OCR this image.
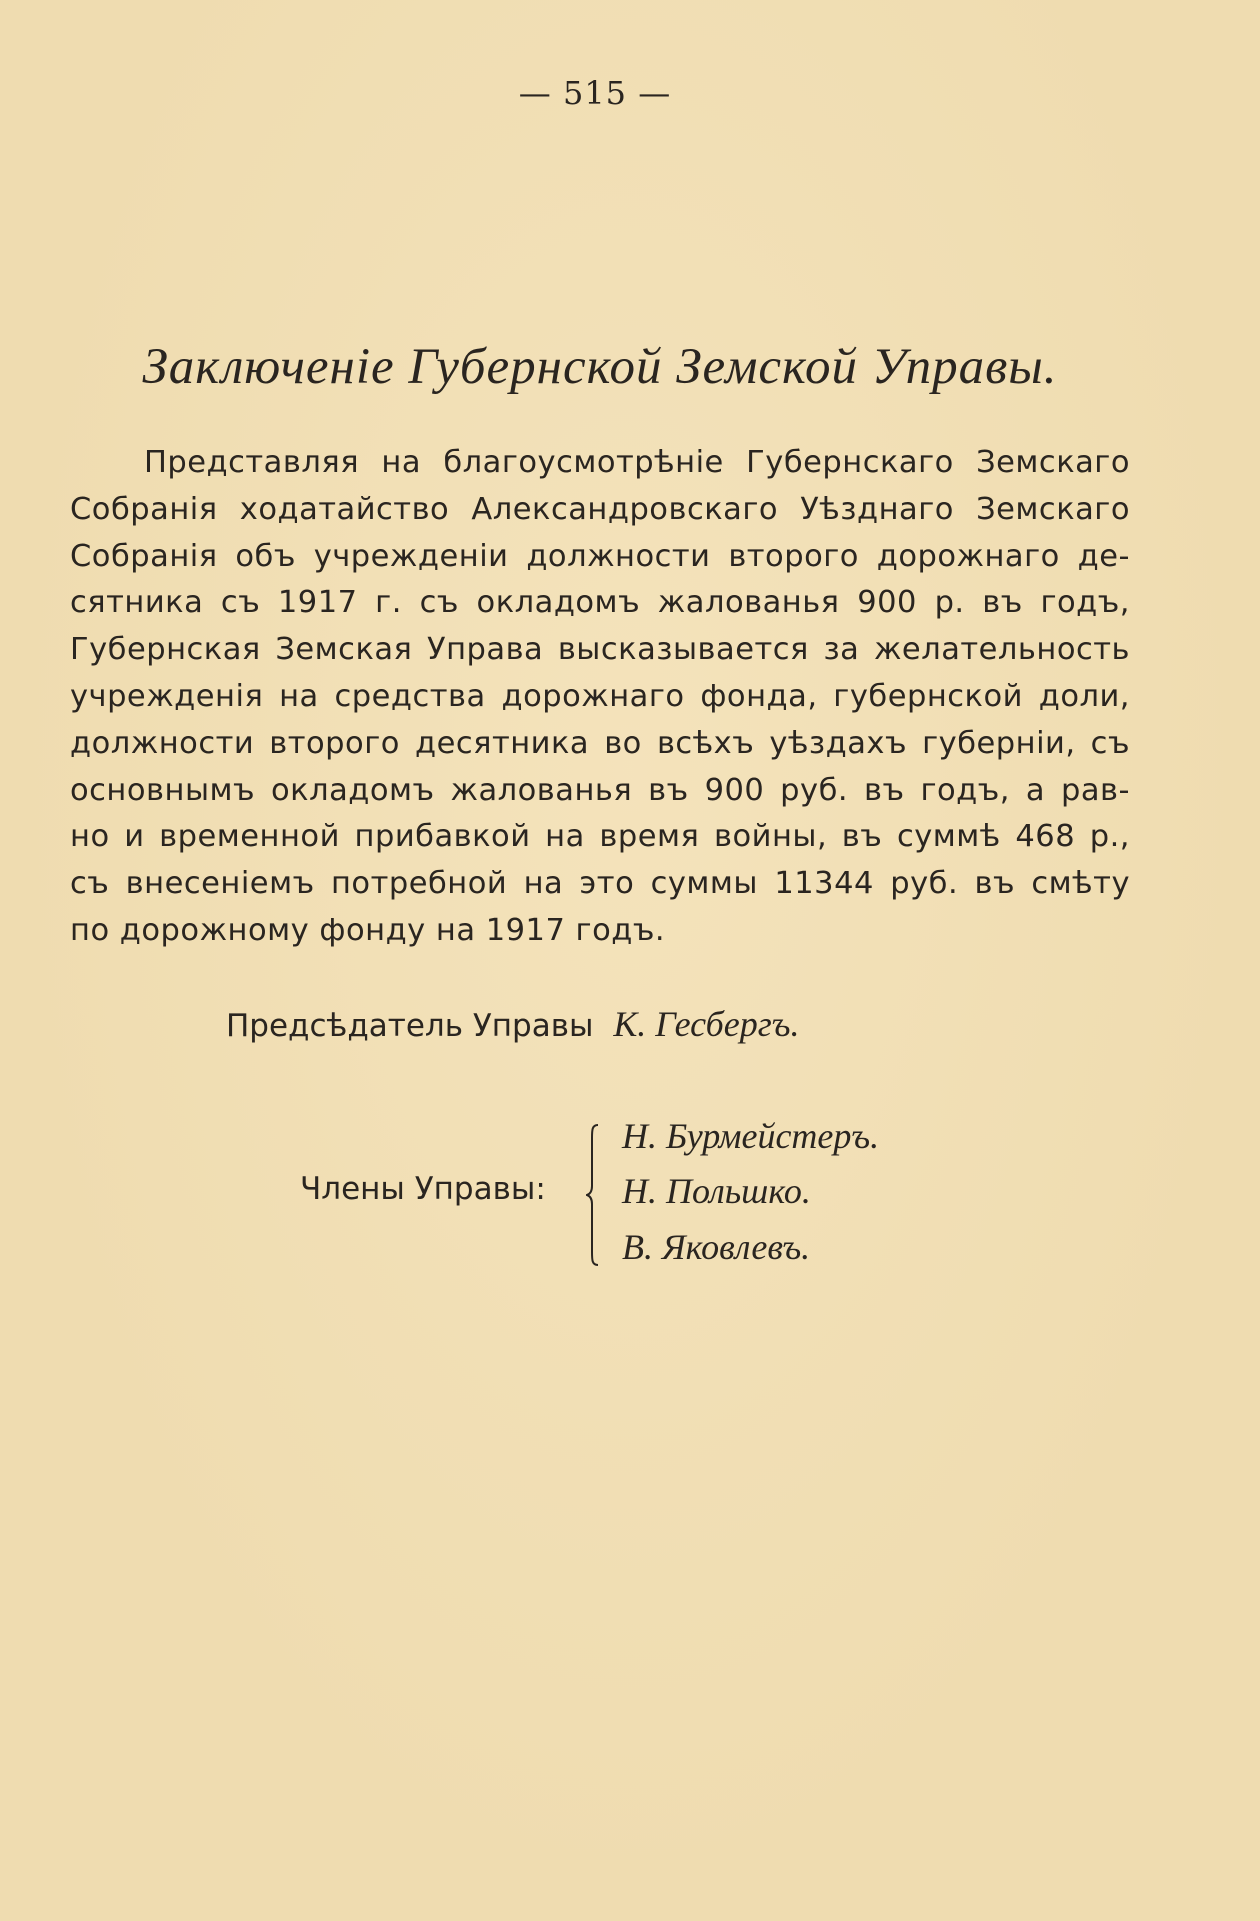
— 515 —
Заключеніе Губернской Земской Управы.
Представляя на благоусмотрѣніе Губернскаго Земскаго
Собранія ходатайство Александровскаго Уѣзднаго Земскаго
Собранія объ учрежденіи должности второго дорожнаго де-
сятника съ 1917 г. съ окладомъ жалованья 900 р. въ годъ,
Губернская Земская Управа высказывается за желательность
учрежденія на средства дорожнаго фонда, губернской доли,
должности второго десятника во всѣхъ уѣздахъ губерніи, съ
основнымъ окладомъ жалованья въ 900 руб. въ годъ, а рав-
но и временной прибавкой на время войны, въ суммѣ 468 р.,
съ внесеніемъ потребной на это суммы 11344 руб. въ смѣту
по дорожному фонду на 1917 годъ.
Предсѣдатель Управы К. Гесбергъ.
Члены Управы:
Н. Бурмейстеръ.
Н. Польшко.
В. Яковлевъ.
